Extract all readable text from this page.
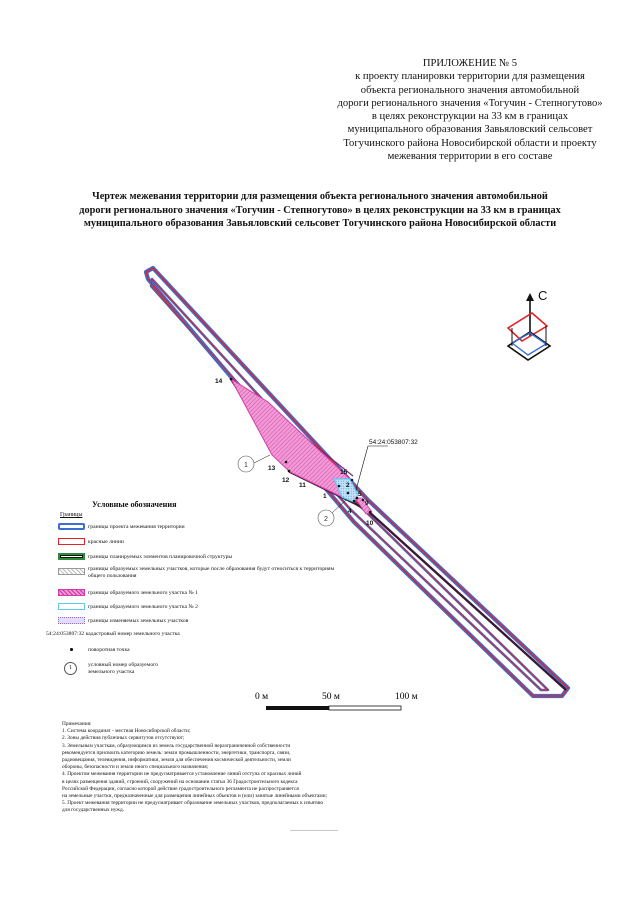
ПРИЛОЖЕНИЕ № 5
к проекту планировки территории для размещения
объекта регионального значения автомобильной
дороги регионального значения «Тогучин - Степногутово»
в целях реконструкции на 33 км в границах
муниципального образования Завьяловский сельсовет
Тогучинского района Новосибирской области и проекту
межевания территории в его составе
Чертеж межевания территории для размещения объекта регионального значения автомобильной
дороги регионального значения «Тогучин - Степногутово» в целях реконструкции на 33 км в границах
муниципального образования Завьяловский сельсовет Тогучинского района Новосибирской области
14
13
12
11
1
15
2
5
9
4
10
54:24:053807:32
1
2
С
0 м	50 м	100 м
Условные обозначения
Границы
границы проекта межевания территории
красные линии
границы планируемых элементов планировочной структуры
границы образуемых земельных участков, которые после образования будут относиться к территориям общего пользования
границы образуемого земельного участка № 1
границы образуемого земельного участка № 2
границы изменяемых земельных участков
54:24:053807:32 кадастровый номер земельного участка
поворотная точка
1	условный номер образуемого
земельного участка
Примечания:
1. Система координат - местная Новосибирской области;
2. Зоны действия публичных сервитутов отсутствуют;
3. Земельным участкам, образующимся из земель государственной неразграниченной собственности
рекомендуется присвоить категорию земель: земли промышленности, энергетики, транспорта, связи,
радиовещания, телевидения, информатики, земли для обеспечения космической деятельности, земли
обороны, безопасности и земли иного специального назначения;
4. Проектом межевания территории не предусматривается установление линий отступа от красных линий
в целях размещения зданий, строений, сооружений на основании статьи 36 Градостроительного кодекса
Российской Федерации, согласно которой действие градостроительного регламента не распространяется
на земельные участки, предназначенные для размещения линейных объектов и (или) занятые линейными объектами;
5. Проект межевания территории не предусматривает образование земельных участков, предполагаемых к изъятию
для государственных нужд.
